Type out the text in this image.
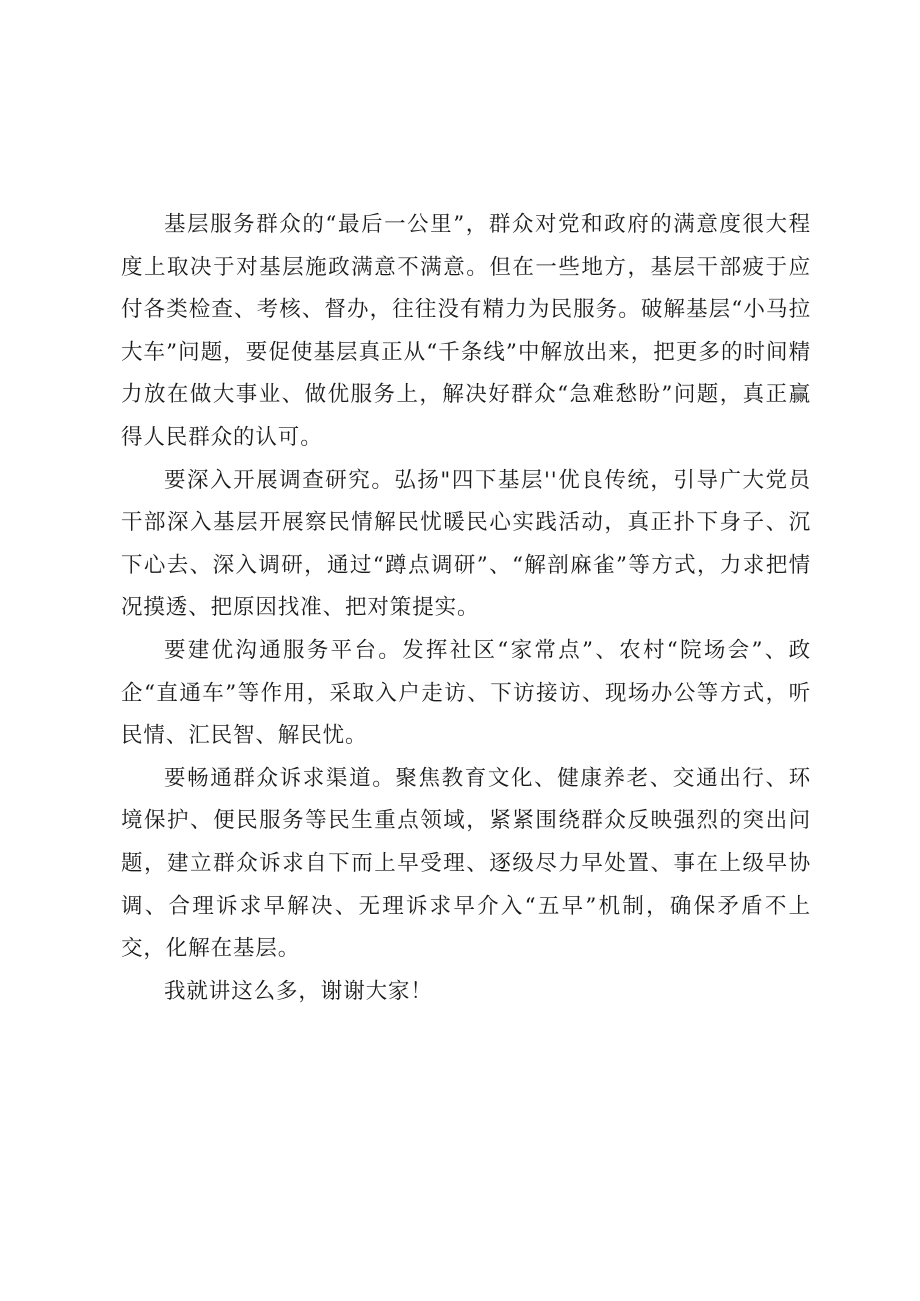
基层服务群众的“最后一公里”，群众对党和政府的满意度很大程度上取决于对基层施政满意不满意。但在一些地方，基层干部疲于应付各类检查、考核、督办，往往没有精力为民服务。破解基层“小马拉大车”问题，要促使基层真正从“千条线”中解放出来，把更多的时间精力放在做大事业、做优服务上，解决好群众“急难愁盼”问题，真正赢得人民群众的认可。

要深入开展调查研究。弘扬"四下基层''优良传统，引导广大党员干部深入基层开展察民情解民忧暖民心实践活动，真正扑下身子、沉下心去、深入调研，通过“蹲点调研”、“解剖麻雀”等方式，力求把情况摸透、把原因找准、把对策提实。

要建优沟通服务平台。发挥社区“家常点”、农村“院场会”、政企“直通车”等作用，采取入户走访、下访接访、现场办公等方式，听民情、汇民智、解民忧。

要畅通群众诉求渠道。聚焦教育文化、健康养老、交通出行、环境保护、便民服务等民生重点领域，紧紧围绕群众反映强烈的突出问题，建立群众诉求自下而上早受理、逐级尽力早处置、事在上级早协调、合理诉求早解决、无理诉求早介入“五早”机制，确保矛盾不上交，化解在基层。

我就讲这么多，谢谢大家！
